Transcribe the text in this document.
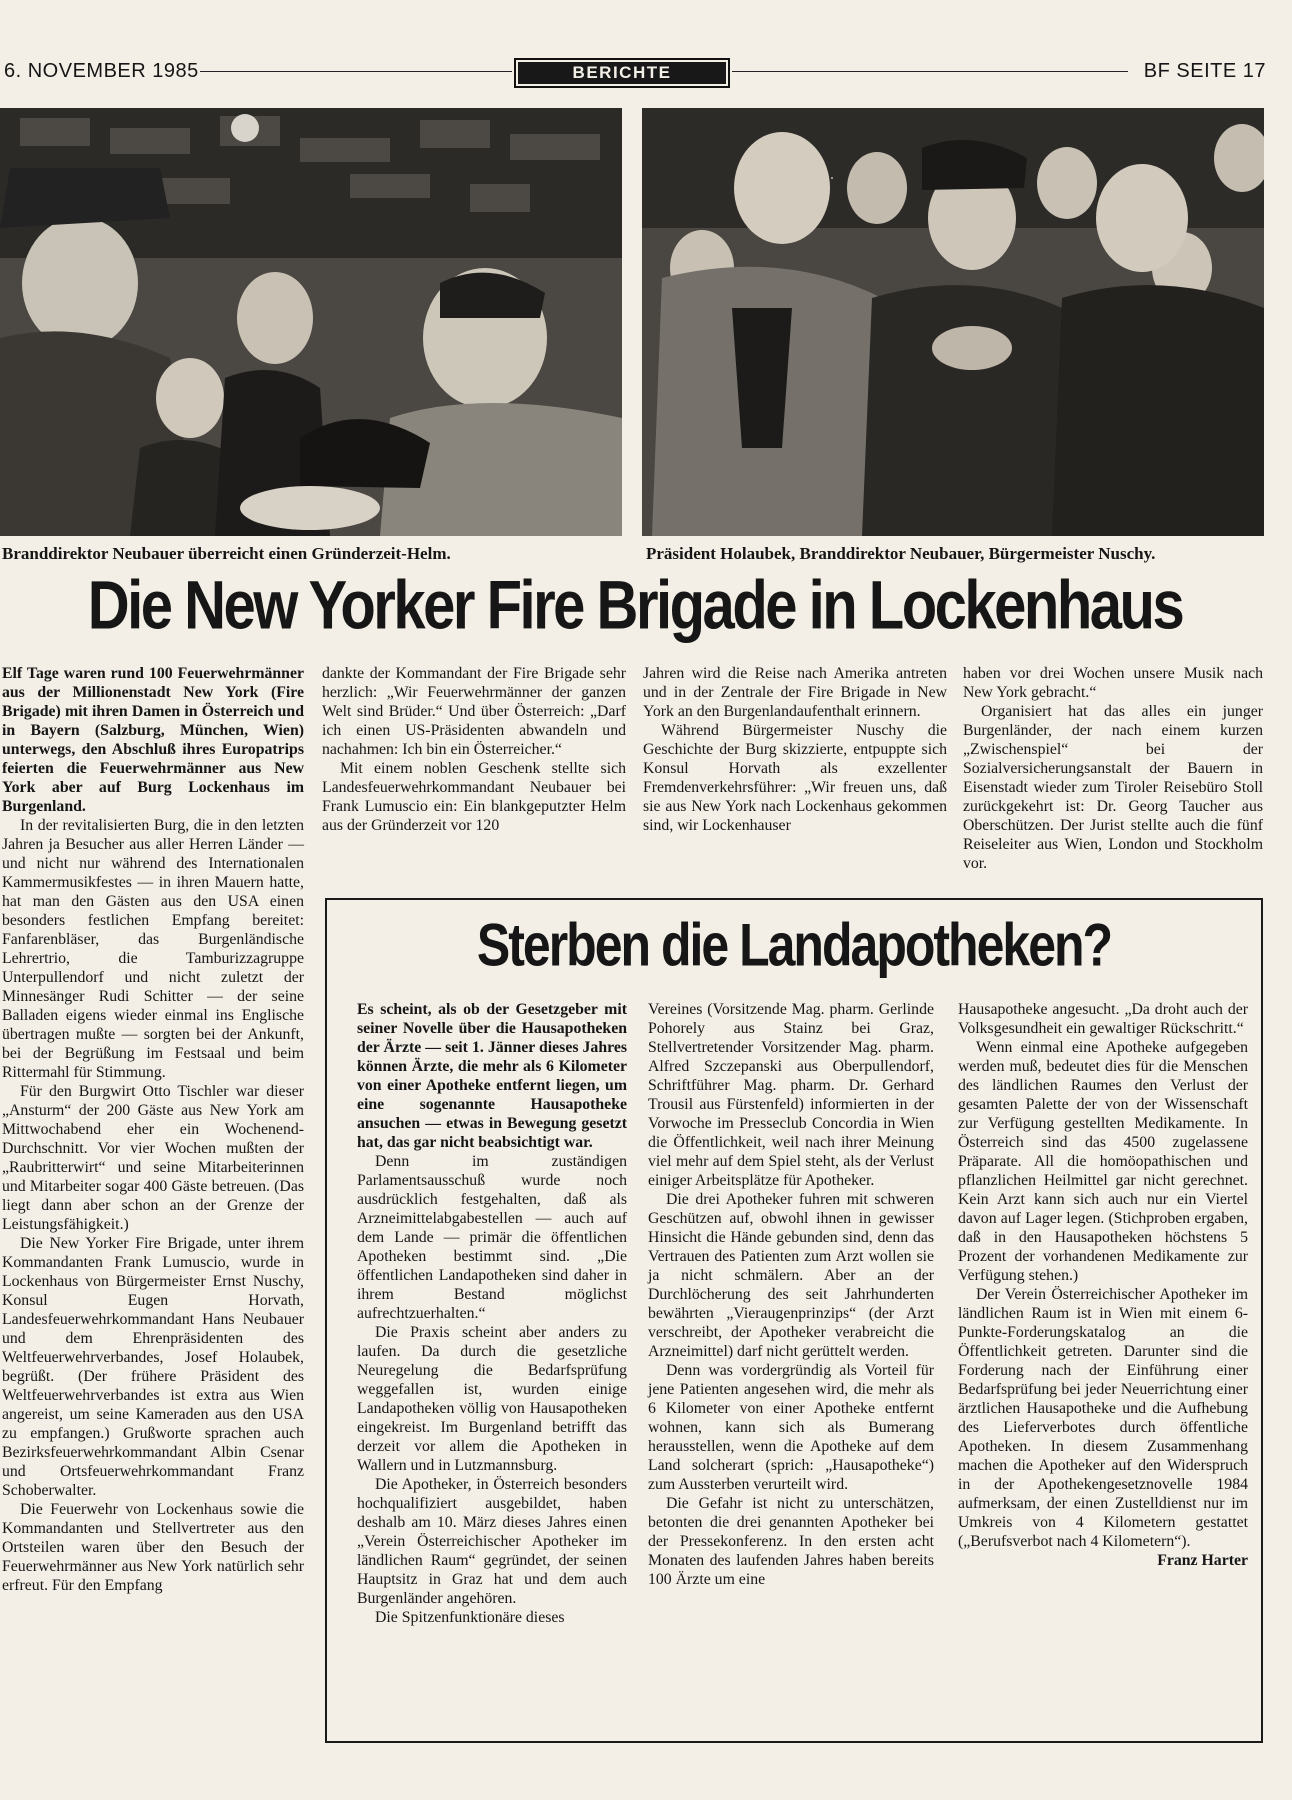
6. NOVEMBER 1985	BERICHTE	BF SEITE 17
Branddirektor Neubauer überreicht einen Gründerzeit-Helm.	Präsident Holaubek, Branddirektor Neubauer, Bürgermeister Nuschy.
Die New Yorker Fire Brigade in Lockenhaus

Elf Tage waren rund 100 Feuerwehrmänner aus der Millionenstadt New York (Fire Brigade) mit ihren Damen in Österreich und in Bayern (Salzburg, München, Wien) unterwegs, den Abschluß ihres Europatrips feierten die Feuerwehrmänner aus New York aber auf Burg Lockenhaus im Burgenland.

In der revitalisierten Burg, die in den letzten Jahren ja Besucher aus aller Herren Länder — und nicht nur während des Internationalen Kammermusikfestes — in ihren Mauern hatte, hat man den Gästen aus den USA einen besonders festlichen Empfang bereitet: Fanfarenbläser, das Burgenländische Lehrertrio, die Tamburizzagruppe Unterpullendorf und nicht zuletzt der Minnesänger Rudi Schitter — der seine Balladen eigens wieder einmal ins Englische übertragen mußte — sorgten bei der Ankunft, bei der Begrüßung im Festsaal und beim Rittermahl für Stimmung.

Für den Burgwirt Otto Tischler war dieser „Ansturm“ der 200 Gäste aus New York am Mittwochabend eher ein Wochenend-Durchschnitt. Vor vier Wochen mußten der „Raubritterwirt“ und seine Mitarbeiterinnen und Mitarbeiter sogar 400 Gäste betreuen. (Das liegt dann aber schon an der Grenze der Leistungsfähigkeit.)

Die New Yorker Fire Brigade, unter ihrem Kommandanten Frank Lumuscio, wurde in Lockenhaus von Bürgermeister Ernst Nuschy, Konsul Eugen Horvath, Landesfeuerwehrkommandant Hans Neubauer und dem Ehrenpräsidenten des Weltfeuerwehrverbandes, Josef Holaubek, begrüßt. (Der frühere Präsident des Weltfeuerwehrverbandes ist extra aus Wien angereist, um seine Kameraden aus den USA zu empfangen.) Grußworte sprachen auch Bezirksfeuerwehrkommandant Albin Csenar und Ortsfeuerwehrkommandant Franz Schoberwalter.

Die Feuerwehr von Lockenhaus sowie die Kommandanten und Stellvertreter aus den Ortsteilen waren über den Besuch der Feuerwehrmänner aus New York natürlich sehr erfreut. Für den Empfang

dankte der Kommandant der Fire Brigade sehr herzlich: „Wir Feuerwehrmänner der ganzen Welt sind Brüder.“ Und über Österreich: „Darf ich einen US-Präsidenten abwandeln und nachahmen: Ich bin ein Österreicher.“

Mit einem noblen Geschenk stellte sich Landesfeuerwehrkommandant Neubauer bei Frank Lumuscio ein: Ein blankgeputzter Helm aus der Gründerzeit vor 120

Jahren wird die Reise nach Amerika antreten und in der Zentrale der Fire Brigade in New York an den Burgenlandaufenthalt erinnern.

Während Bürgermeister Nuschy die Geschichte der Burg skizzierte, entpuppte sich Konsul Horvath als exzellenter Fremdenverkehrsführer: „Wir freuen uns, daß sie aus New York nach Lockenhaus gekommen sind, wir Lockenhauser

haben vor drei Wochen unsere Musik nach New York gebracht.“

Organisiert hat das alles ein junger Burgenländer, der nach einem kurzen „Zwischenspiel“ bei der Sozialversicherungsanstalt der Bauern in Eisenstadt wieder zum Tiroler Reisebüro Stoll zurückgekehrt ist: Dr. Georg Taucher aus Oberschützen. Der Jurist stellte auch die fünf Reiseleiter aus Wien, London und Stockholm vor.

Sterben die Landapotheken?

Es scheint, als ob der Gesetzgeber mit seiner Novelle über die Hausapotheken der Ärzte — seit 1. Jänner dieses Jahres können Ärzte, die mehr als 6 Kilometer von einer Apotheke entfernt liegen, um eine sogenannte Hausapotheke ansuchen — etwas in Bewegung gesetzt hat, das gar nicht beabsichtigt war.

Denn im zuständigen Parlamentsausschuß wurde noch ausdrücklich festgehalten, daß als Arzneimittelabgabestellen — auch auf dem Lande — primär die öffentlichen Apotheken bestimmt sind. „Die öffentlichen Landapotheken sind daher in ihrem Bestand möglichst aufrechtzuerhalten.“

Die Praxis scheint aber anders zu laufen. Da durch die gesetzliche Neuregelung die Bedarfsprüfung weggefallen ist, wurden einige Landapotheken völlig von Hausapotheken eingekreist. Im Burgenland betrifft das derzeit vor allem die Apotheken in Wallern und in Lutzmannsburg.

Die Apotheker, in Österreich besonders hochqualifiziert ausgebildet, haben deshalb am 10. März dieses Jahres einen „Verein Österreichischer Apotheker im ländlichen Raum“ gegründet, der seinen Hauptsitz in Graz hat und dem auch Burgenländer angehören.

Die Spitzenfunktionäre dieses

Vereines (Vorsitzende Mag. pharm. Gerlinde Pohorely aus Stainz bei Graz, Stellvertretender Vorsitzender Mag. pharm. Alfred Szczepanski aus Oberpullendorf, Schriftführer Mag. pharm. Dr. Gerhard Trousil aus Fürstenfeld) informierten in der Vorwoche im Presseclub Concordia in Wien die Öffentlichkeit, weil nach ihrer Meinung viel mehr auf dem Spiel steht, als der Verlust einiger Arbeitsplätze für Apotheker.

Die drei Apotheker fuhren mit schweren Geschützen auf, obwohl ihnen in gewisser Hinsicht die Hände gebunden sind, denn das Vertrauen des Patienten zum Arzt wollen sie ja nicht schmälern. Aber an der Durchlöcherung des seit Jahrhunderten bewährten „Vieraugenprinzips“ (der Arzt verschreibt, der Apotheker verabreicht die Arzneimittel) darf nicht gerüttelt werden.

Denn was vordergründig als Vorteil für jene Patienten angesehen wird, die mehr als 6 Kilometer von einer Apotheke entfernt wohnen, kann sich als Bumerang herausstellen, wenn die Apotheke auf dem Land solcherart (sprich: „Hausapotheke“) zum Aussterben verurteilt wird.

Die Gefahr ist nicht zu unterschätzen, betonten die drei genannten Apotheker bei der Pressekonferenz. In den ersten acht Monaten des laufenden Jahres haben bereits 100 Ärzte um eine

Hausapotheke angesucht. „Da droht auch der Volksgesundheit ein gewaltiger Rückschritt.“

Wenn einmal eine Apotheke aufgegeben werden muß, bedeutet dies für die Menschen des ländlichen Raumes den Verlust der gesamten Palette der von der Wissenschaft zur Verfügung gestellten Medikamente. In Österreich sind das 4500 zugelassene Präparate. All die homöopathischen und pflanzlichen Heilmittel gar nicht gerechnet. Kein Arzt kann sich auch nur ein Viertel davon auf Lager legen. (Stichproben ergaben, daß in den Hausapotheken höchstens 5 Prozent der vorhandenen Medikamente zur Verfügung stehen.)

Der Verein Österreichischer Apotheker im ländlichen Raum ist in Wien mit einem 6-Punkte-Forderungskatalog an die Öffentlichkeit getreten. Darunter sind die Forderung nach der Einführung einer Bedarfsprüfung bei jeder Neuerrichtung einer ärztlichen Hausapotheke und die Aufhebung des Lieferverbotes durch öffentliche Apotheken. In diesem Zusammenhang machen die Apotheker auf den Widerspruch in der Apothekengesetznovelle 1984 aufmerksam, der einen Zustelldienst nur im Umkreis von 4 Kilometern gestattet („Berufsverbot nach 4 Kilometern“).

Franz Harter
